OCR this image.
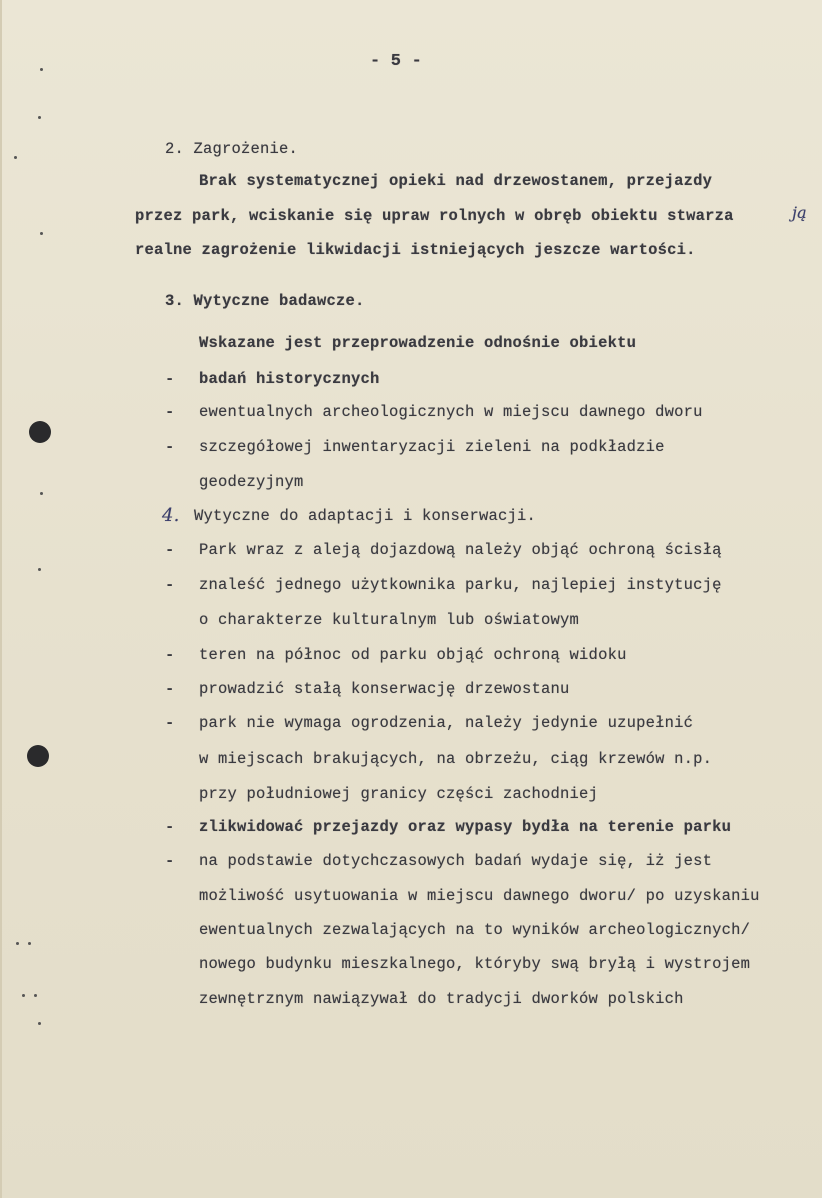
- 5 -
2. Zagrożenie.
Brak systematycznej opieki nad drzewostanem, przejazdy
przez park, wciskanie się upraw rolnych w obręb obiektu stwarza	ją
realne zagrożenie likwidacji istniejących jeszcze wartości.
3. Wytyczne badawcze.
Wskazane jest przeprowadzenie odnośnie obiektu
- badań historycznych
- ewentualnych archeologicznych w miejscu dawnego dworu
- szczegółowej inwentaryzacji zieleni na podkładzie
geodezyjnym
4. Wytyczne do adaptacji i konserwacji.
- Park wraz z aleją dojazdową należy objąć ochroną ścisłą
- znaleść jednego użytkownika parku, najlepiej instytucję
o charakterze kulturalnym lub oświatowym
- teren na północ od parku objąć ochroną widoku
- prowadzić stałą konserwację drzewostanu
- park nie wymaga ogrodzenia, należy jedynie uzupełnić
w miejscach brakujących, na obrzeżu, ciąg krzewów n.p.
przy południowej granicy części zachodniej
- zlikwidować przejazdy oraz wypasy bydła na terenie parku
- na podstawie dotychczasowych badań wydaje się, iż jest
możliwość usytuowania w miejscu dawnego dworu/ po uzyskaniu
ewentualnych zezwalających na to wyników archeologicznych/
nowego budynku mieszkalnego, któryby swą bryłą i wystrojem
zewnętrznym nawiązywał do tradycji dworków polskich
